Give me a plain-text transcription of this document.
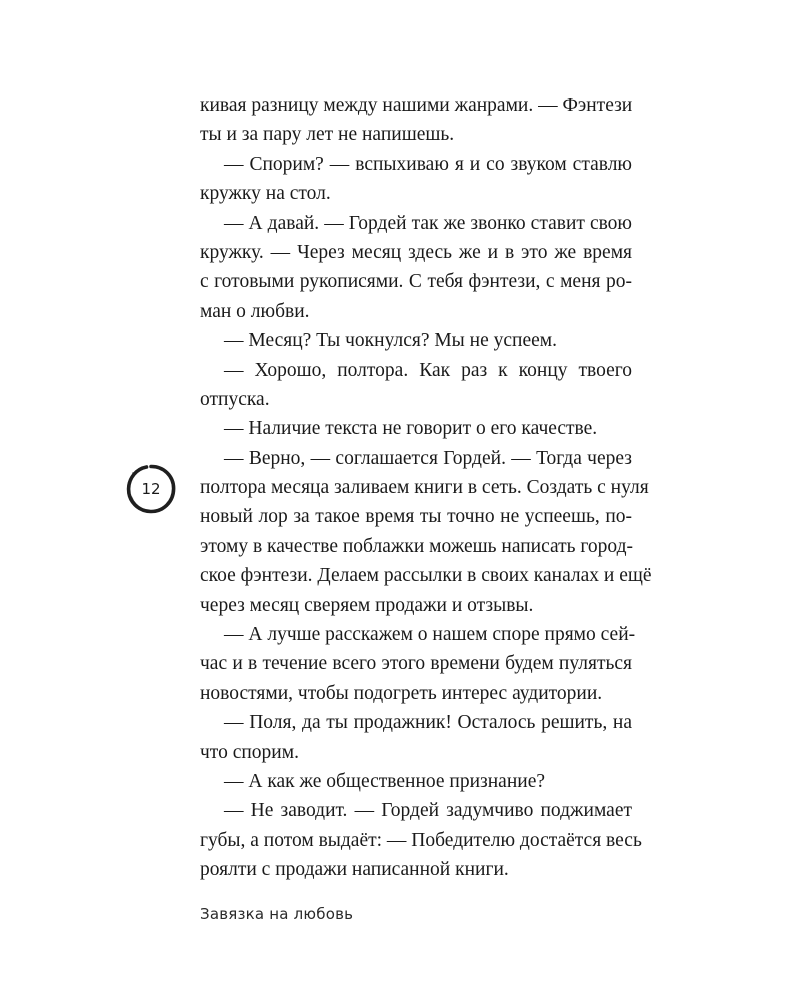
кивая разницу между нашими жанрами. — Фэнтези
ты и за пару лет не напишешь.
— Спорим? — вспыхиваю я и со звуком ставлю
кружку на стол.
— А давай. — Гордей так же звонко ставит свою
кружку. — Через месяц здесь же и в это же время
с готовыми рукописями. С тебя фэнтези, с меня ро-
ман о любви.
— Месяц? Ты чокнулся? Мы не успеем.
— Хорошо, полтора. Как раз к концу твоего
отпуска.
— Наличие текста не говорит о его качестве.
— Верно, — соглашается Гордей. — Тогда через
полтора месяца заливаем книги в сеть. Создать с нуля
новый лор за такое время ты точно не успеешь, по-
этому в качестве поблажки можешь написать город-
ское фэнтези. Делаем рассылки в своих каналах и ещё
через месяц сверяем продажи и отзывы.
— А лучше расскажем о нашем споре прямо сей-
час и в течение всего этого времени будем пуляться
новостями, чтобы подогреть интерес аудитории.
— Поля, да ты продажник! Осталось решить, на
что спорим.
— А как же общественное признание?
— Не заводит. — Гордей задумчиво поджимает
губы, а потом выдаёт: — Победителю достаётся весь
роялти с продажи написанной книги.
12
Завязка на любовь
